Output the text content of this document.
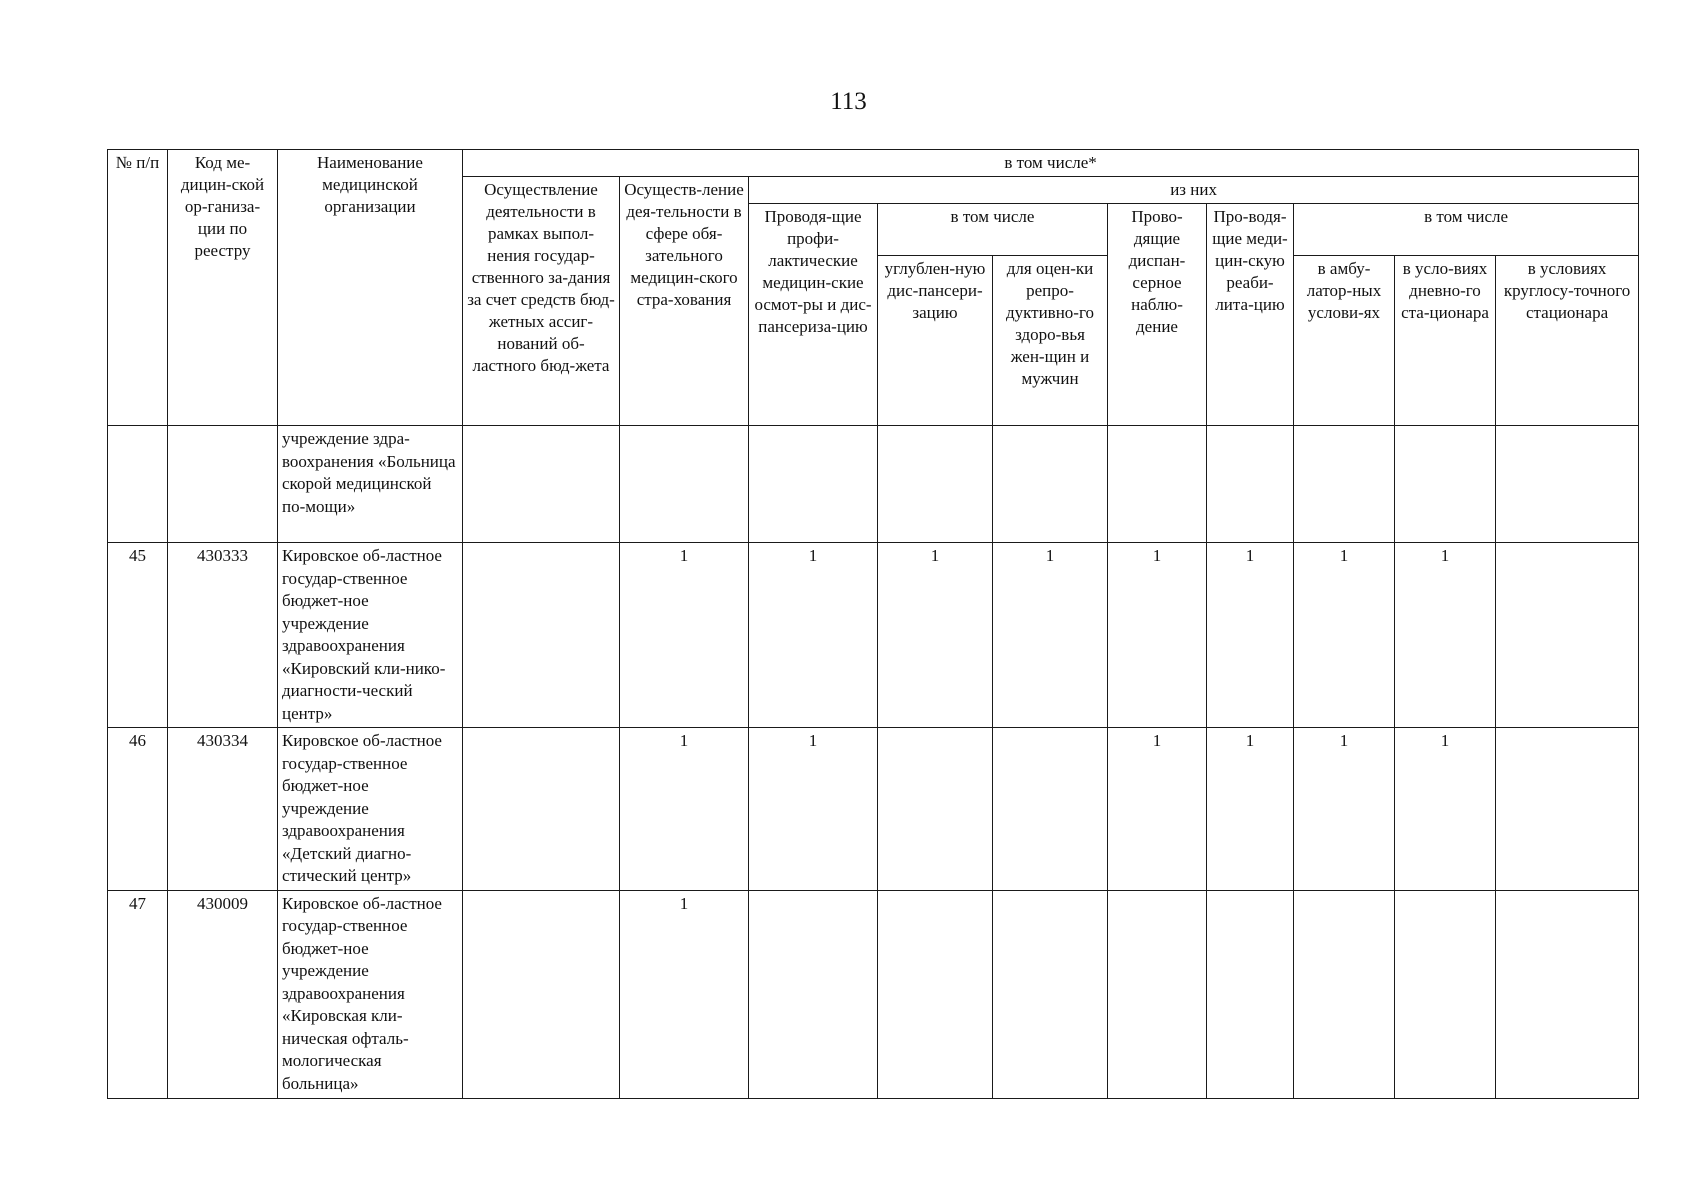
113
№ п/п	Код ме-дицин-ской ор-ганиза-ции по реестру	Наименование медицинской организации	в том числе*									
			Осуществление деятельности в рамках выпол-нения государ-ственного за-дания за счет средств бюд-жетных ассиг-нований об-ластного бюд-жета	Осуществ-ление дея-тельности в сфере обя-зательного медицин-ского стра-хования	из них							
					Проводя-щие профи-лактические медицин-ские осмот-ры и дис-пансериза-цию	в том числе		Прово-дящие диспан-серное наблю-дение	Про-водя-щие меди-цин-скую реаби-лита-цию	в том числе		
						углублен-ную дис-пансери-зацию	для оцен-ки репро-дуктивно-го здоро-вья жен-щин и мужчин			в амбу-латор-ных услови-ях	в усло-виях дневно-го ста-ционара	в условиях круглосу-точного стационара
		учреждение здра-воохранения «Больница скорой медицинской по-мощи»										
45	430333	Кировское об-ластное государ-ственное бюджет-ное учреждение здравоохранения «Кировский кли-нико-диагности-ческий центр»		1	1	1	1	1	1	1	1	
46	430334	Кировское об-ластное государ-ственное бюджет-ное учреждение здравоохранения «Детский диагно-стический центр»		1	1			1	1	1	1	
47	430009	Кировское об-ластное государ-ственное бюджет-ное учреждение здравоохранения «Кировская кли-ническая офталь-мологическая больница»		1								
